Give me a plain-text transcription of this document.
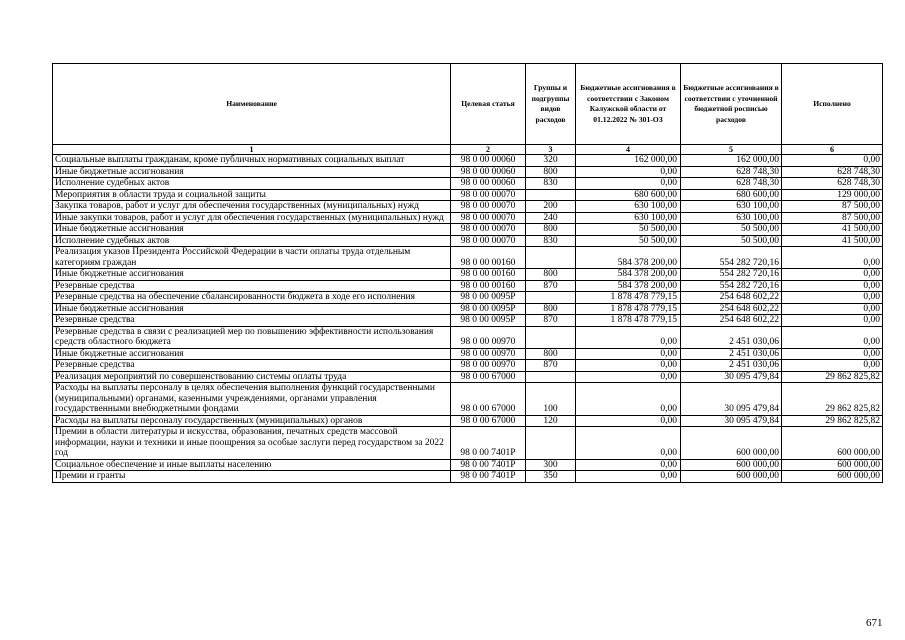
Наименование	Целевая статья	Группы и подгруппы видов расходов	Бюджетные ассигнования в соответствии с Законом Калужской области от 01.12.2022 № 301-ОЗ	Бюджетные ассигнования в соответствии с уточненной бюджетной росписью расходов	Исполнено
1	2	3	4	5	6
Социальные выплаты гражданам, кроме публичных нормативных социальных выплат	98 0 00 00060	320	162 000,00	162 000,00	0,00
Иные бюджетные ассигнования	98 0 00 00060	800	0,00	628 748,30	628 748,30
Исполнение судебных актов	98 0 00 00060	830	0,00	628 748,30	628 748,30
Мероприятия в области труда и социальной защиты	98 0 00 00070		680 600,00	680 600,00	129 000,00
Закупка товаров, работ и услуг для обеспечения государственных (муниципальных) нужд	98 0 00 00070	200	630 100,00	630 100,00	87 500,00
Иные закупки товаров, работ и услуг для обеспечения государственных (муниципальных) нужд	98 0 00 00070	240	630 100,00	630 100,00	87 500,00
Иные бюджетные ассигнования	98 0 00 00070	800	50 500,00	50 500,00	41 500,00
Исполнение судебных актов	98 0 00 00070	830	50 500,00	50 500,00	41 500,00
Реализация указов Президента Российской Федерации в части оплаты труда отдельным категориям граждан	98 0 00 00160		584 378 200,00	554 282 720,16	0,00
Иные бюджетные ассигнования	98 0 00 00160	800	584 378 200,00	554 282 720,16	0,00
Резервные средства	98 0 00 00160	870	584 378 200,00	554 282 720,16	0,00
Резервные средства на обеспечение сбалансированности бюджета в ходе его исполнения	98 0 00 0095Р		1 878 478 779,15	254 648 602,22	0,00
Иные бюджетные ассигнования	98 0 00 0095Р	800	1 878 478 779,15	254 648 602,22	0,00
Резервные средства	98 0 00 0095Р	870	1 878 478 779,15	254 648 602,22	0,00
Резервные средства в связи с реализацией мер по повышению эффективности использования средств областного бюджета	98 0 00 00970		0,00	2 451 030,06	0,00
Иные бюджетные ассигнования	98 0 00 00970	800	0,00	2 451 030,06	0,00
Резервные средства	98 0 00 00970	870	0,00	2 451 030,06	0,00
Реализация мероприятий по совершенствованию системы оплаты труда	98 0 00 67000		0,00	30 095 479,84	29 862 825,82
Расходы на выплаты персоналу в целях обеспечения выполнения функций государственными (муниципальными) органами, казенными учреждениями, органами управления государственными внебюджетными фондами	98 0 00 67000	100	0,00	30 095 479,84	29 862 825,82
Расходы на выплаты персоналу государственных (муниципальных) органов	98 0 00 67000	120	0,00	30 095 479,84	29 862 825,82
Премии в области литературы и искусства, образования, печатных средств массовой информации, науки и техники и иные поощрения за особые заслуги перед государством за 2022 год	98 0 00 7401Р		0,00	600 000,00	600 000,00
Социальное обеспечение и иные выплаты населению	98 0 00 7401Р	300	0,00	600 000,00	600 000,00
Премии и гранты	98 0 00 7401Р	350	0,00	600 000,00	600 000,00
671
